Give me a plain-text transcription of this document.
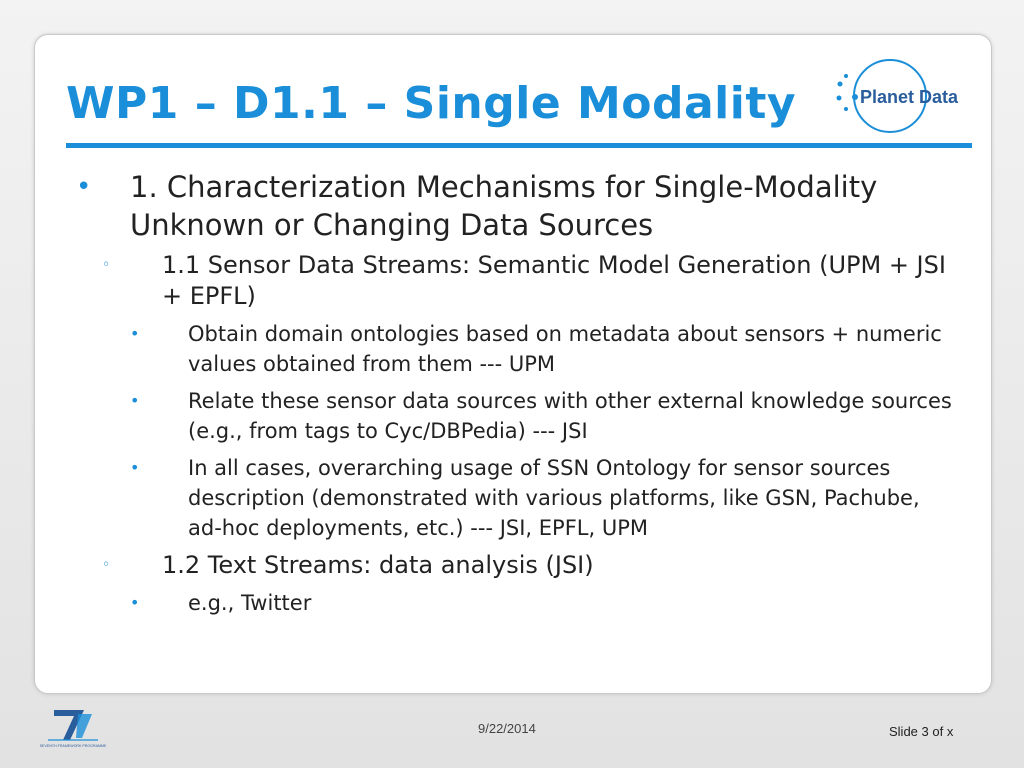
WP1 – D1.1 – Single Modality	Planet Data
• 1. Characterization Mechanisms for Single-Modality Unknown or Changing Data Sources
◦ 1.1 Sensor Data Streams: Semantic Model Generation (UPM + JSI + EPFL)
• Obtain domain ontologies based on metadata about sensors + numeric values obtained from them --- UPM
• Relate these sensor data sources with other external knowledge sources (e.g., from tags to Cyc/DBPedia) --- JSI
• In all cases, overarching usage of SSN Ontology for sensor sources description (demonstrated with various platforms, like GSN, Pachube, ad-hoc deployments, etc.) --- JSI, EPFL, UPM
◦ 1.2 Text Streams: data analysis (JSI)
• e.g., Twitter
SEVENTH FRAMEWORK PROGRAMME
9/22/2014	Slide 3 of x
